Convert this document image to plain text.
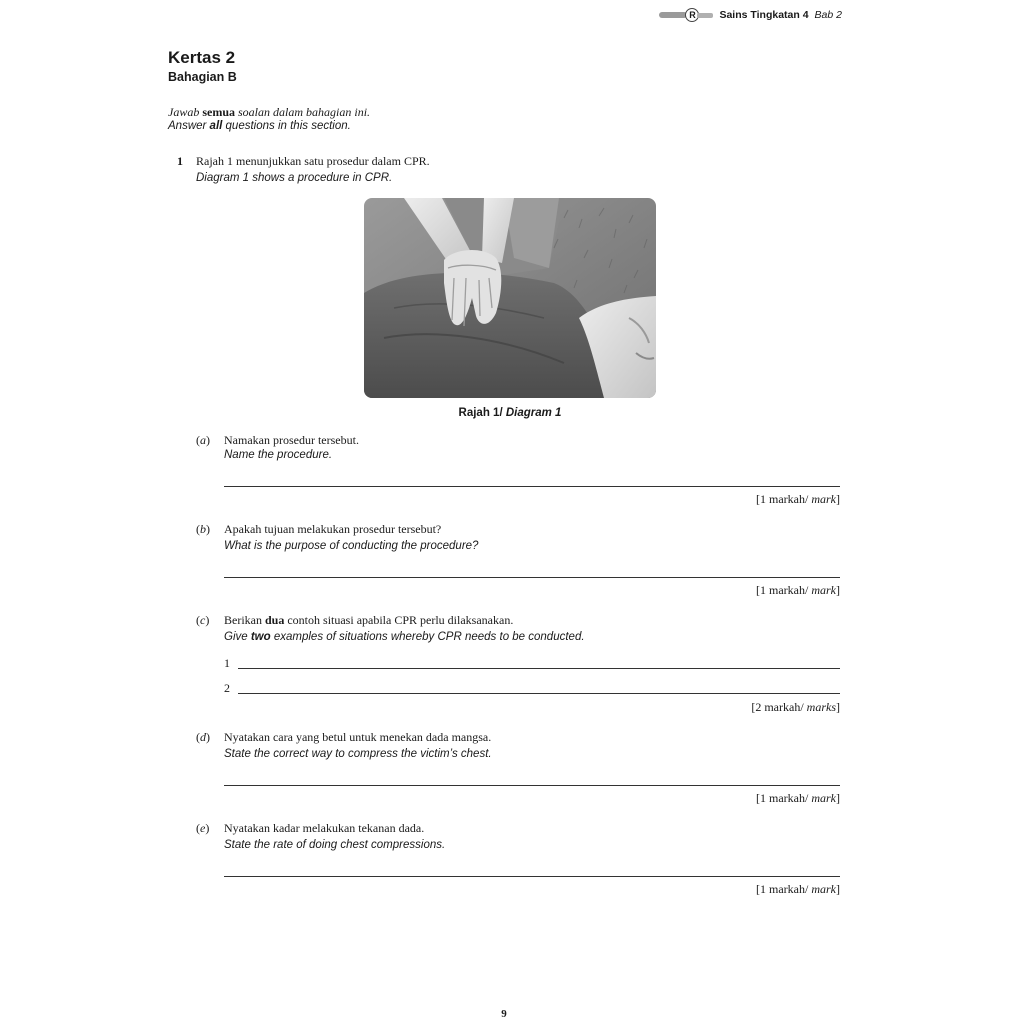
R	Sains Tingkatan 4 Bab 2
Kertas 2
Bahagian B
Jawab semua soalan dalam bahagian ini.
Answer all questions in this section.
1 Rajah 1 menunjukkan satu prosedur dalam CPR.
Diagram 1 shows a procedure in CPR.
Rajah 1/ Diagram 1
(a) Namakan prosedur tersebut.
Name the procedure.
[1 markah/ mark]
(b) Apakah tujuan melakukan prosedur tersebut?
What is the purpose of conducting the procedure?
[1 markah/ mark]
(c) Berikan dua contoh situasi apabila CPR perlu dilaksanakan.
Give two examples of situations whereby CPR needs to be conducted.
1
2
[2 markah/ marks]
(d) Nyatakan cara yang betul untuk menekan dada mangsa.
State the correct way to compress the victim’s chest.
[1 markah/ mark]
(e) Nyatakan kadar melakukan tekanan dada.
State the rate of doing chest compressions.
[1 markah/ mark]
9
